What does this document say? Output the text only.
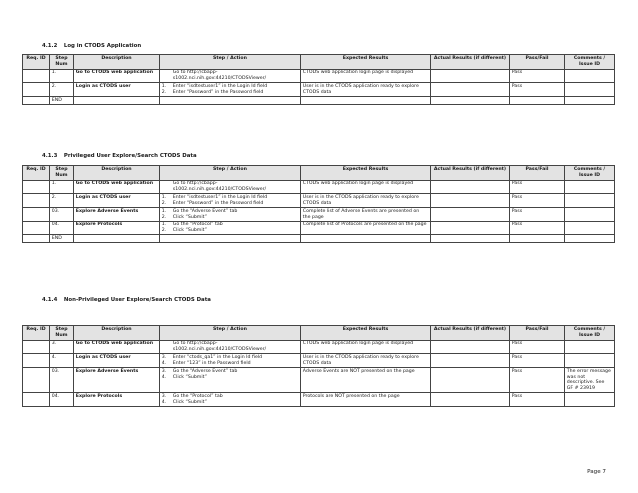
4.1.2 Log in CTODS Application
Req. ID	Step Num	Description	Step / Action	Expected Results	Actual Results (if different)	Pass/Fail	Comments / Issue ID
	1.	Go to CTODS web application	Go to http://cbapp-s1002.nci.nih.gov:44210/CTODSViewer/	CTODS web application login page is displayed		Pass	
	2.	Login as CTODS user	1. Enter “isdtestuser1” in the Login Id field
2. Enter “Password” in the Password field	User is in the CTODS application ready to explore CTODS data		Pass	
	END						
4.1.3 Privileged User Explore/Search CTODS Data
Req. ID	Step Num	Description	Step / Action	Expected Results	Actual Results (if different)	Pass/Fail	Comments / Issue ID
	1.	Go to CTODS web application	Go to http://cbapp-s1002.nci.nih.gov:44210/CTODSViewer/	CTODS web application login page is displayed		Pass	
	2.	Login as CTODS user	1. Enter “isdtestuser1” in the Login Id field
2. Enter “Password” in the Password field	User is in the CTODS application ready to explore CTODS data		Pass	
	03.	Explore Adverse Events	1. Go the “Adverse Event” tab
2. Click “Submit”	Complete list of Adverse Events are presented on the page		Pass	
	04.	Explore Protocols	1. Go the “Protocol” tab
2. Click “Submit”	Complete list of Protocols are presented on the page		Pass	
	END						
4.1.4 Non-Privileged User Explore/Search CTODS Data
Req. ID	Step Num	Description	Step / Action	Expected Results	Actual Results (if different)	Pass/Fail	Comments / Issue ID
	3.	Go to CTODS web application	Go to http://cbapp-s1002.nci.nih.gov:44210/CTODSViewer/	CTODS web application login page is displayed		Pass	
	4.	Login as CTODS user	3. Enter “ctods_qa1” in the Login Id field
4. Enter “123” in the Password field	User is in the CTODS application ready to explore CTODS data		Pass	
	03.	Explore Adverse Events	3. Go the “Adverse Event” tab
4. Click “Submit”	Adverse Events are NOT presented on the page		Pass	The error message was not descriptive. See GF # 23919
	04.	Explore Protocols	3. Go the “Protocol” tab
4. Click “Submit”	Protocols are NOT presented on the page		Pass	
Page 7
